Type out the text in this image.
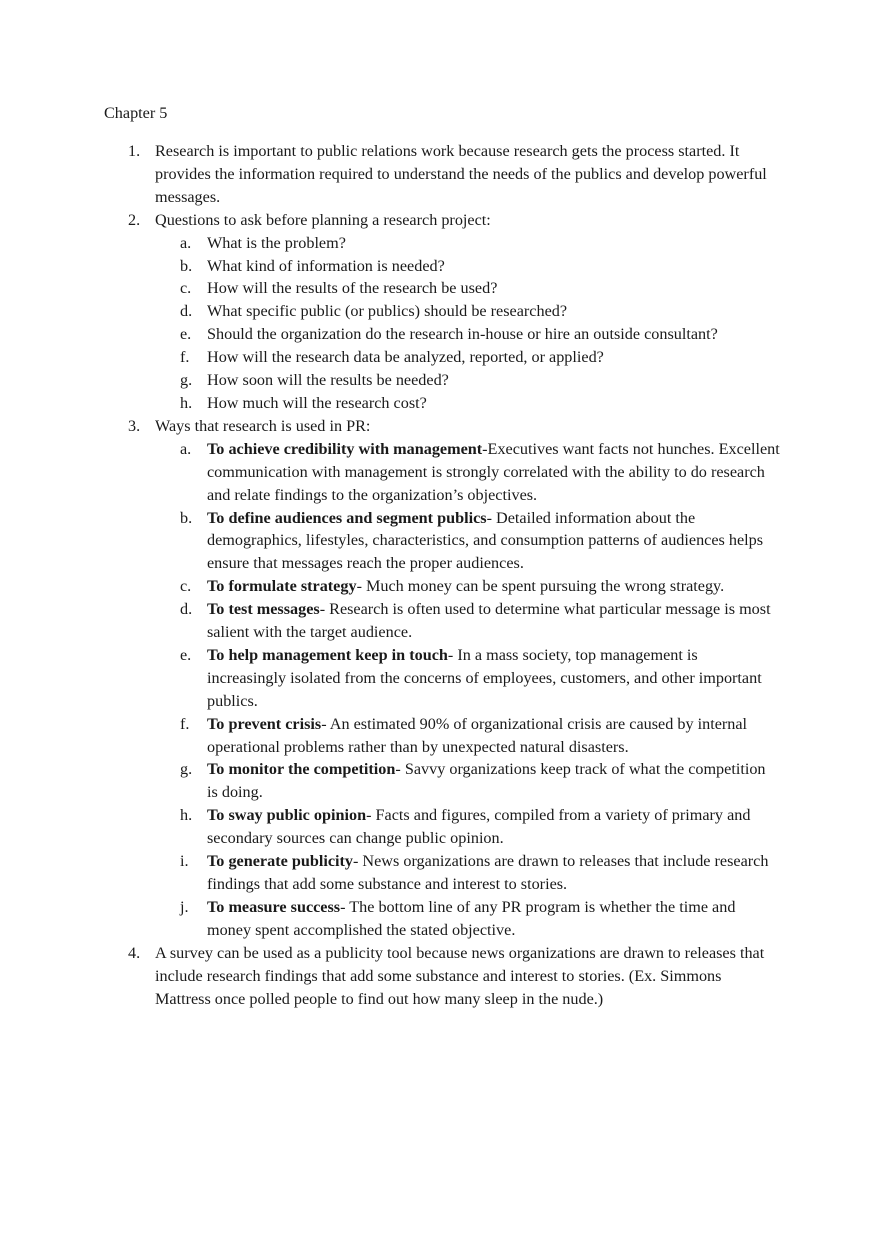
Chapter 5
1. Research is important to public relations work because research gets the process started. It provides the information required to understand the needs of the publics and develop powerful messages.
2. Questions to ask before planning a research project:
a. What is the problem?
b. What kind of information is needed?
c. How will the results of the research be used?
d. What specific public (or publics) should be researched?
e. Should the organization do the research in-house or hire an outside consultant?
f.	How will the research data be analyzed, reported, or applied?
g. How soon will the results be needed?
h. How much will the research cost?
3. Ways that research is used in PR:
a. To achieve credibility with management-Executives want facts not hunches. Excellent communication with management is strongly correlated with the ability to do research and relate findings to the organization’s objectives.
b. To define audiences and segment publics- Detailed information about the demographics, lifestyles, characteristics, and consumption patterns of audiences helps ensure that messages reach the proper audiences.
c. To formulate strategy- Much money can be spent pursuing the wrong strategy.
d. To test messages- Research is often used to determine what particular message is most salient with the target audience.
e. To help management keep in touch- In a mass society, top management is increasingly isolated from the concerns of employees, customers, and other important publics.
f.	To prevent crisis- An estimated 90% of organizational crisis are caused by internal operational problems rather than by unexpected natural disasters.
g. To monitor the competition- Savvy organizations keep track of what the competition is doing.
h. To sway public opinion- Facts and figures, compiled from a variety of primary and secondary sources can change public opinion.
i.	To generate publicity- News organizations are drawn to releases that include research findings that add some substance and interest to stories.
j.	To measure success- The bottom line of any PR program is whether the time and money spent accomplished the stated objective.
4. A survey can be used as a publicity tool because news organizations are drawn to releases that include research findings that add some substance and interest to stories. (Ex. Simmons Mattress once polled people to find out how many sleep in the nude.)
